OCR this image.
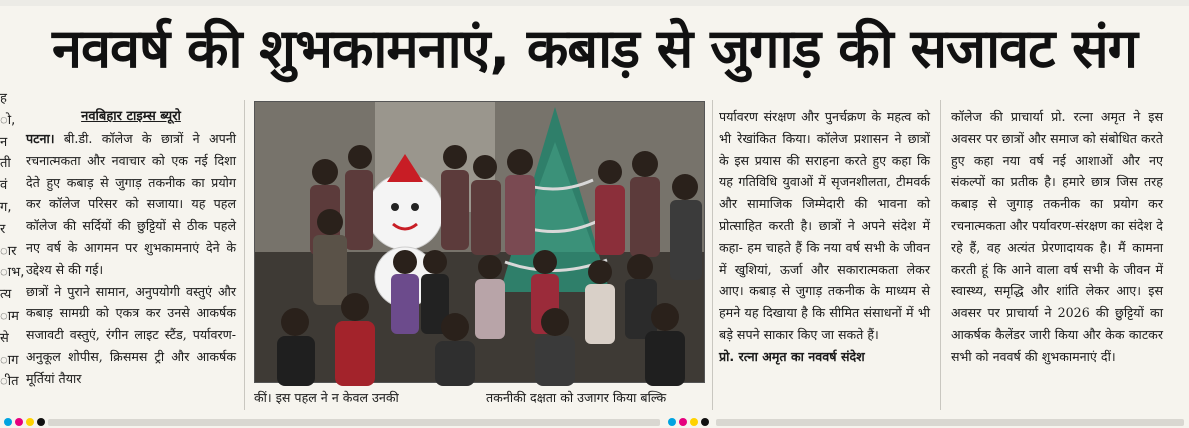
नववर्ष की शुभकामनाएं, कबाड़ से जुगाड़ की सजावट संग
ह
ो,
न
ती
वं
ग,
र
ार
ाभ,
त्य
ाम
से
ाग
ीत
नवबिहार टाइम्स ब्यूरो

पटना। बी.डी. कॉलेज के छात्रों ने अपनी रचनात्मकता और नवाचार को एक नई दिशा देते हुए कबाड़ से जुगाड़ तकनीक का प्रयोग कर कॉलेज परिसर को सजाया। यह पहल कॉलेज की सर्दियों की छुट्टियों से ठीक पहले नए वर्ष के आगमन पर शुभकामनाएं देने के उद्देश्य से की गई।

छात्रों ने पुराने सामान, अनुपयोगी वस्तुएं और कबाड़ सामग्री को एकत्र कर उनसे आकर्षक सजावटी वस्तुएं, रंगीन लाइट स्टैंड, पर्यावरण-अनुकूल शोपीस, क्रिसमस ट्री और आकर्षक मूर्तियां तैयार

कीं। इस पहल ने न केवल उनकी	तकनीकी दक्षता को उजागर किया बल्कि

पर्यावरण संरक्षण और पुनर्चक्रण के महत्व को भी रेखांकित किया। कॉलेज प्रशासन ने छात्रों के इस प्रयास की सराहना करते हुए कहा कि यह गतिविधि युवाओं में सृजनशीलता, टीमवर्क और सामाजिक जिम्मेदारी की भावना को प्रोत्साहित करती है। छात्रों ने अपने संदेश में कहा- हम चाहते हैं कि नया वर्ष सभी के जीवन में खुशियां, ऊर्जा और सकारात्मकता लेकर आए। कबाड़ से जुगाड़ तकनीक के माध्यम से हमने यह दिखाया है कि सीमित संसाधनों में भी बड़े सपने साकार किए जा सकते हैं।

प्रो. रत्ना अमृत का नववर्ष संदेश

कॉलेज की प्राचार्या प्रो. रत्ना अमृत ने इस अवसर पर छात्रों और समाज को संबोधित करते हुए कहा नया वर्ष नई आशाओं और नए संकल्पों का प्रतीक है। हमारे छात्र जिस तरह कबाड़ से जुगाड़ तकनीक का प्रयोग कर रचनात्मकता और पर्यावरण-संरक्षण का संदेश दे रहे हैं, वह अत्यंत प्रेरणादायक है। मैं कामना करती हूं कि आने वाला वर्ष सभी के जीवन में स्वास्थ्य, समृद्धि और शांति लेकर आए। इस अवसर पर प्राचार्या ने 2026 की छुट्टियों का आकर्षक कैलेंडर जारी किया और केक काटकर सभी को नववर्ष की शुभकामनाएं दीं।
